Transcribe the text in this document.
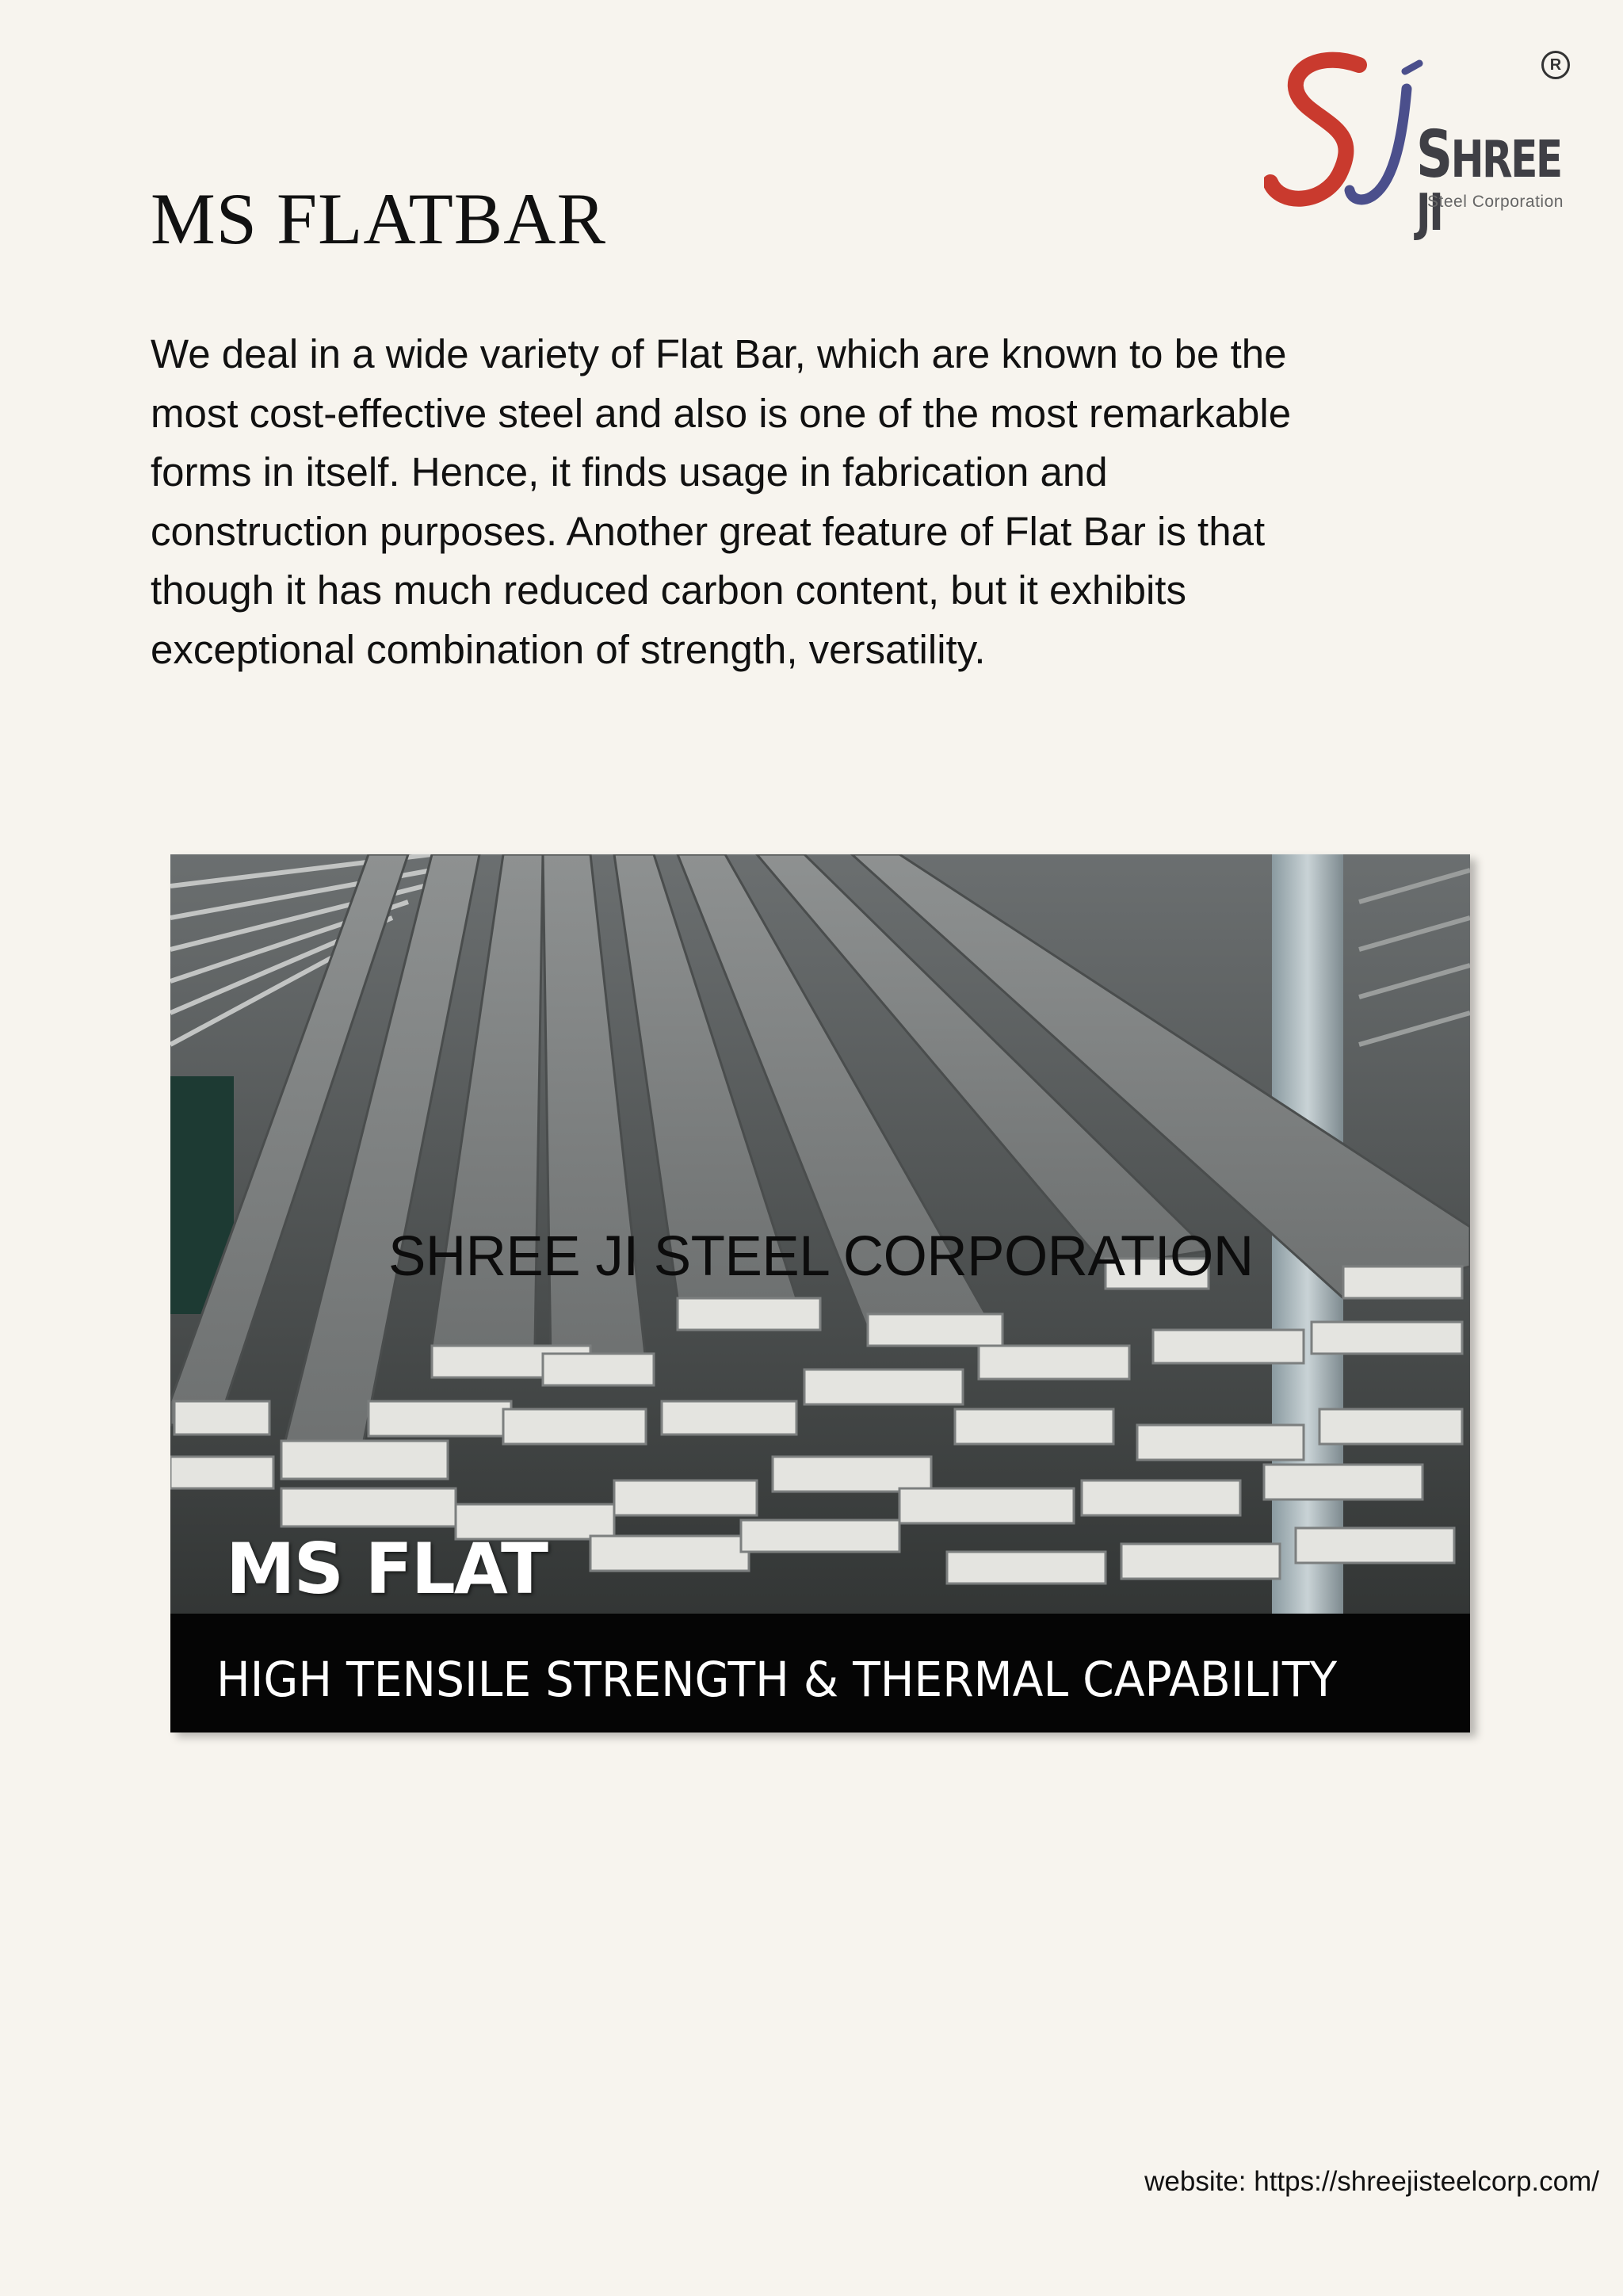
SHREE JI
Steel Corporation
R
MS FLATBAR

We deal in a wide variety of Flat Bar, which are known to be the
most cost-effective steel and also is one of the most remarkable
forms in itself. Hence, it finds usage in fabrication and
construction purposes. Another great feature of Flat Bar is that
though it has much reduced carbon content, but it exhibits
exceptional combination of strength, versatility.

MS FLAT
HIGH TENSILE STRENGTH & THERMAL CAPABILITY
SHREE JI STEEL CORPORATION
website: https://shreejisteelcorp.com/
